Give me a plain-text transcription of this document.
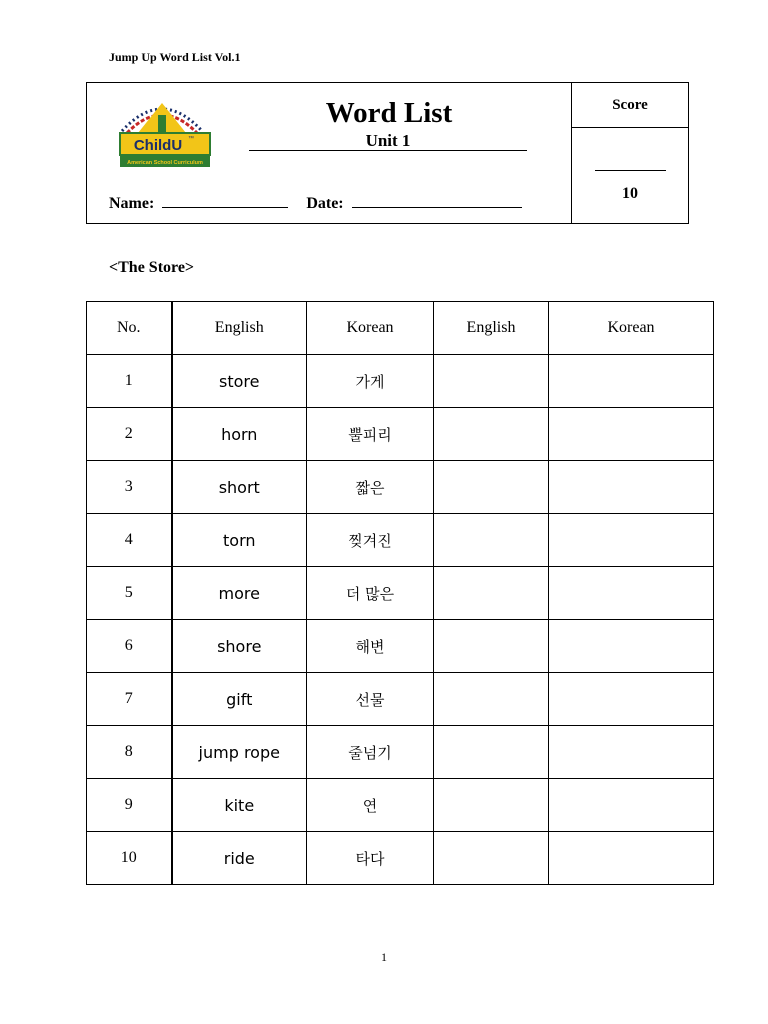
Jump Up Word List Vol.1
ChildU ™
American School Curriculum
Word List
Unit 1
Name:	Date:
Score
10
<The Store>
No.	English	Korean	English	Korean
1	store	가게		
2	horn	뿔피리		
3	short	짧은		
4	torn	찢겨진		
5	more	더 많은		
6	shore	해변		
7	gift	선물		
8	jump rope	줄넘기		
9	kite	연		
10	ride	타다		
1
